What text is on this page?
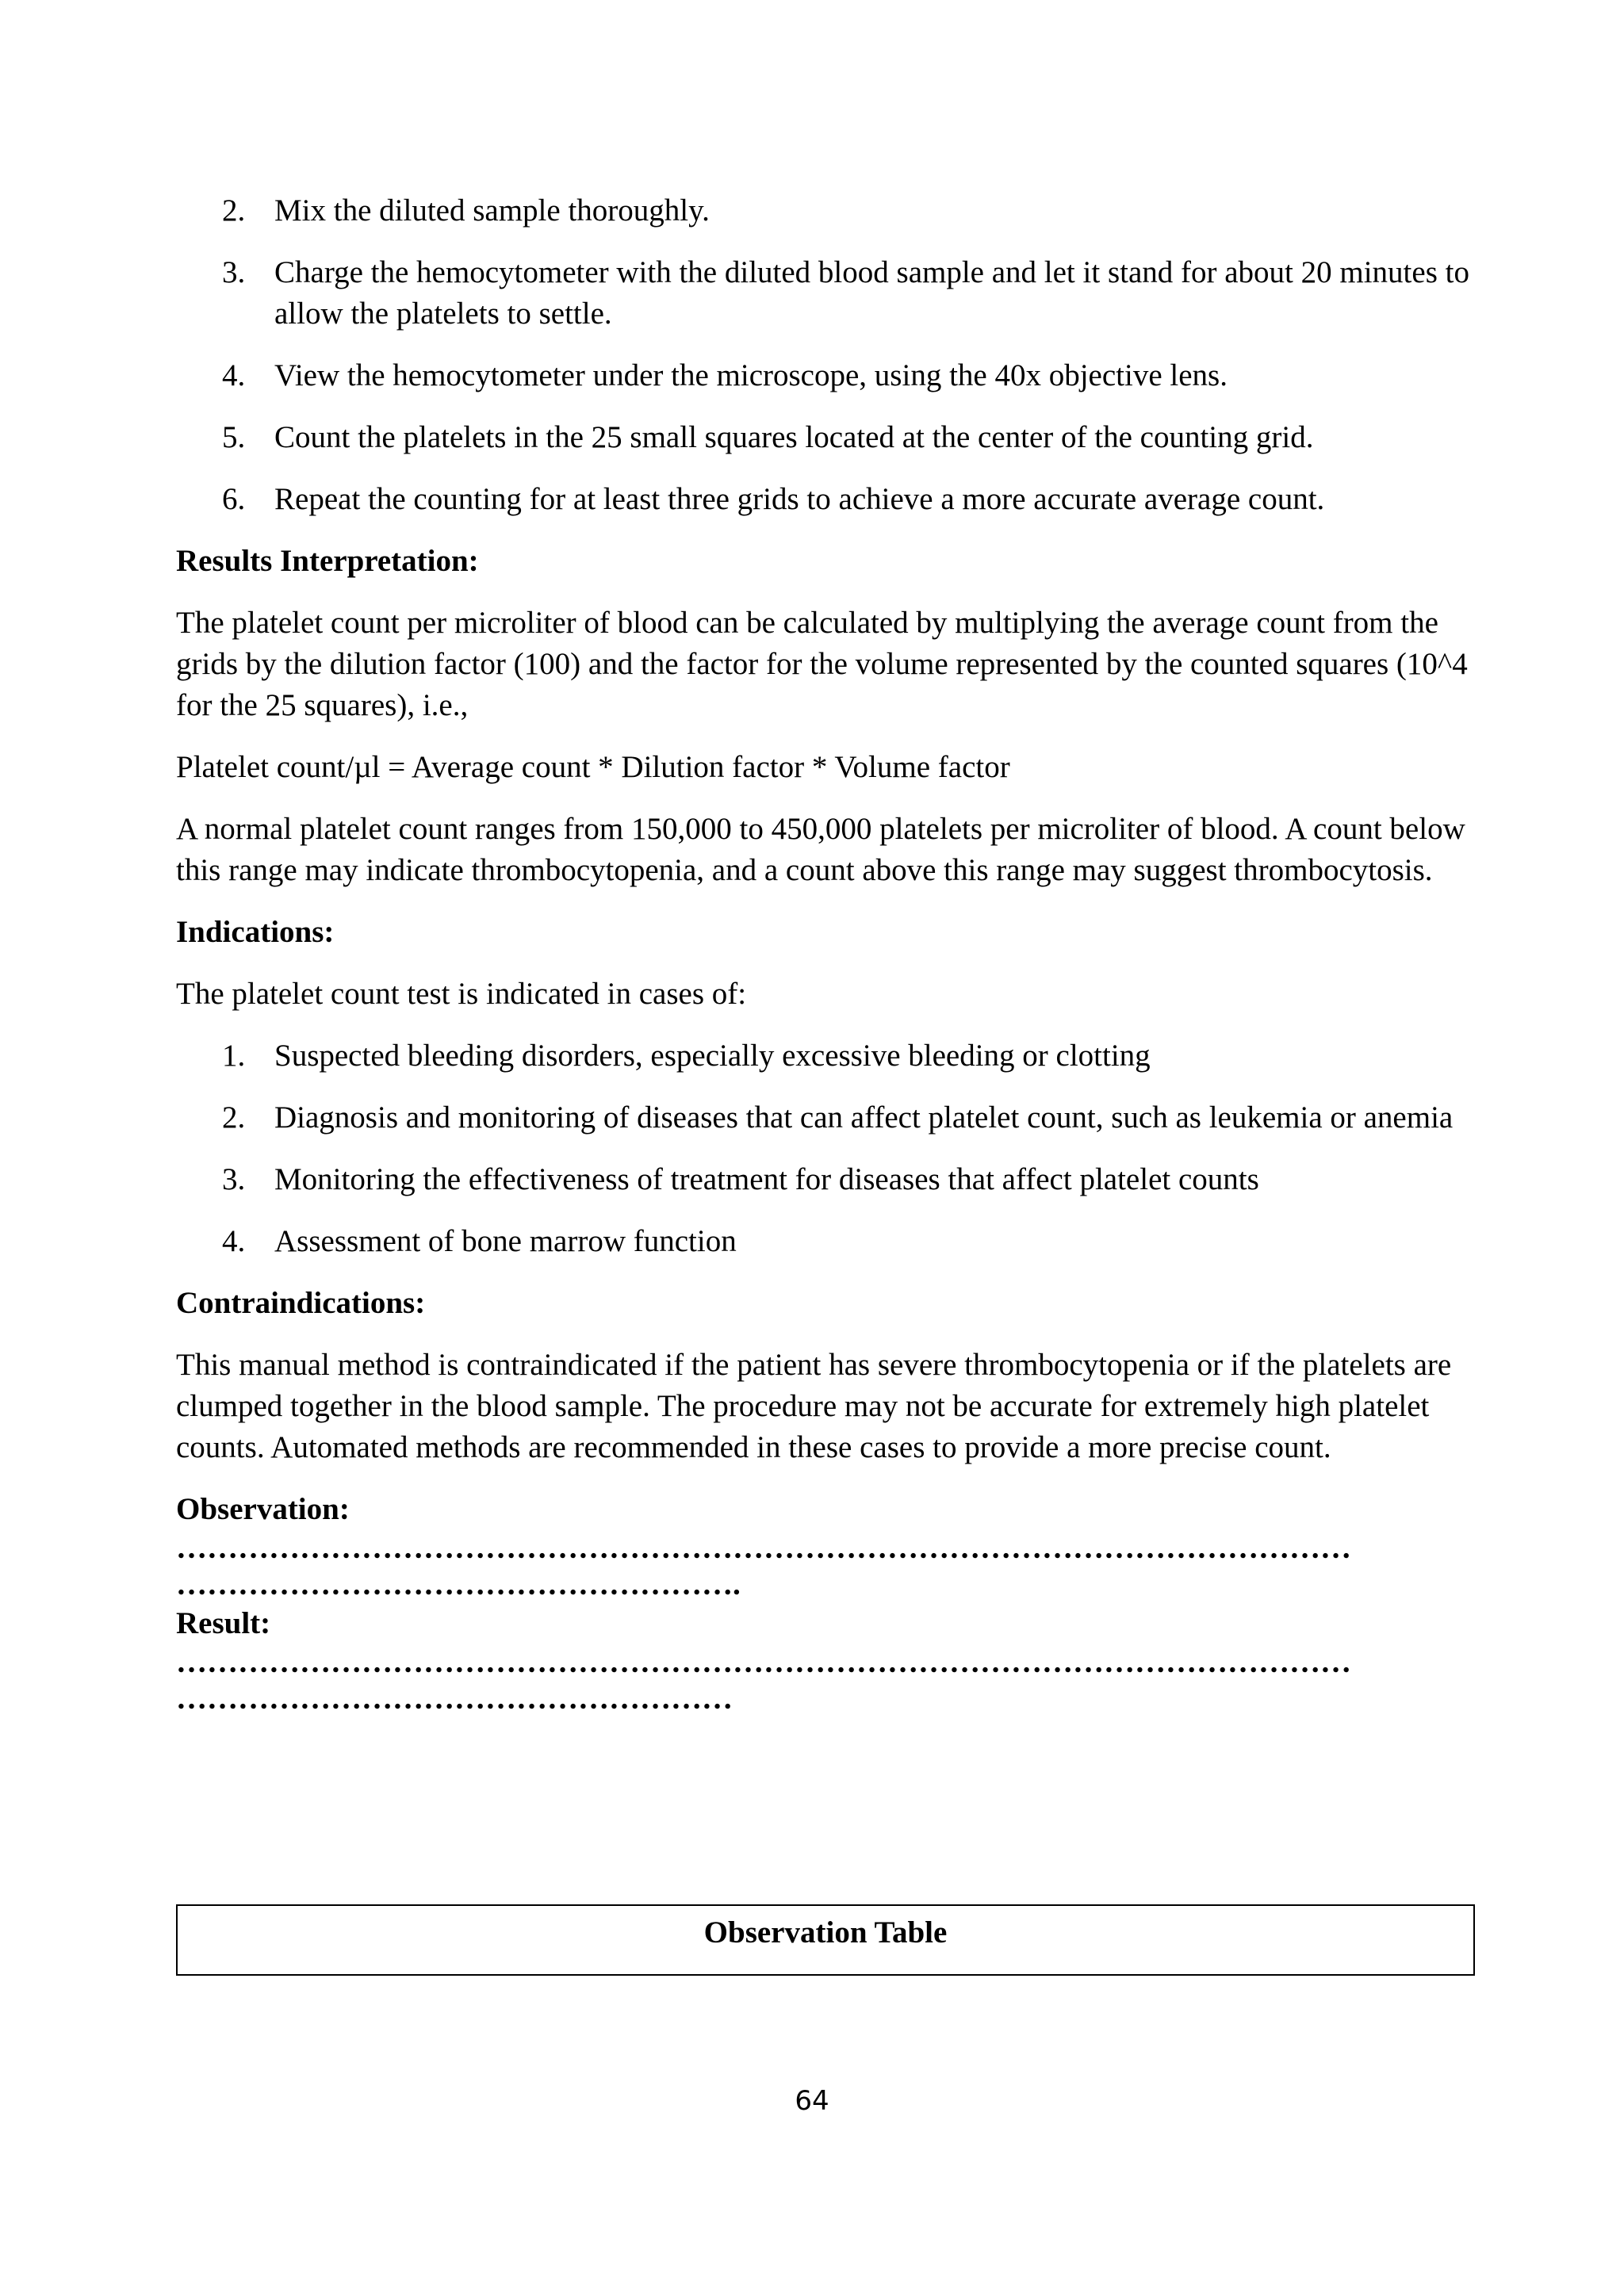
2. Mix the diluted sample thoroughly.
3. Charge the hemocytometer with the diluted blood sample and let it stand for about 20 minutes to allow the platelets to settle.
4. View the hemocytometer under the microscope, using the 40x objective lens.
5. Count the platelets in the 25 small squares located at the center of the counting grid.
6. Repeat the counting for at least three grids to achieve a more accurate average count.
Results Interpretation:
The platelet count per microliter of blood can be calculated by multiplying the average count from the grids by the dilution factor (100) and the factor for the volume represented by the counted squares (10^4 for the 25 squares), i.e.,
Platelet count/µl = Average count * Dilution factor * Volume factor
A normal platelet count ranges from 150,000 to 450,000 platelets per microliter of blood. A count below this range may indicate thrombocytopenia, and a count above this range may suggest thrombocytosis.
Indications:
The platelet count test is indicated in cases of:
1. Suspected bleeding disorders, especially excessive bleeding or clotting
2. Diagnosis and monitoring of diseases that can affect platelet count, such as leukemia or anemia
3. Monitoring the effectiveness of treatment for diseases that affect platelet counts
4. Assessment of bone marrow function
Contraindications:
This manual method is contraindicated if the patient has severe thrombocytopenia or if the platelets are clumped together in the blood sample. The procedure may not be accurate for extremely high platelet counts. Automated methods are recommended in these cases to provide a more precise count.
Observation:
……………………………………………………………………………………………………
……………………………………………….
Result:
……………………………………………………………………………………………………
………………………………………………
Observation Table
64
